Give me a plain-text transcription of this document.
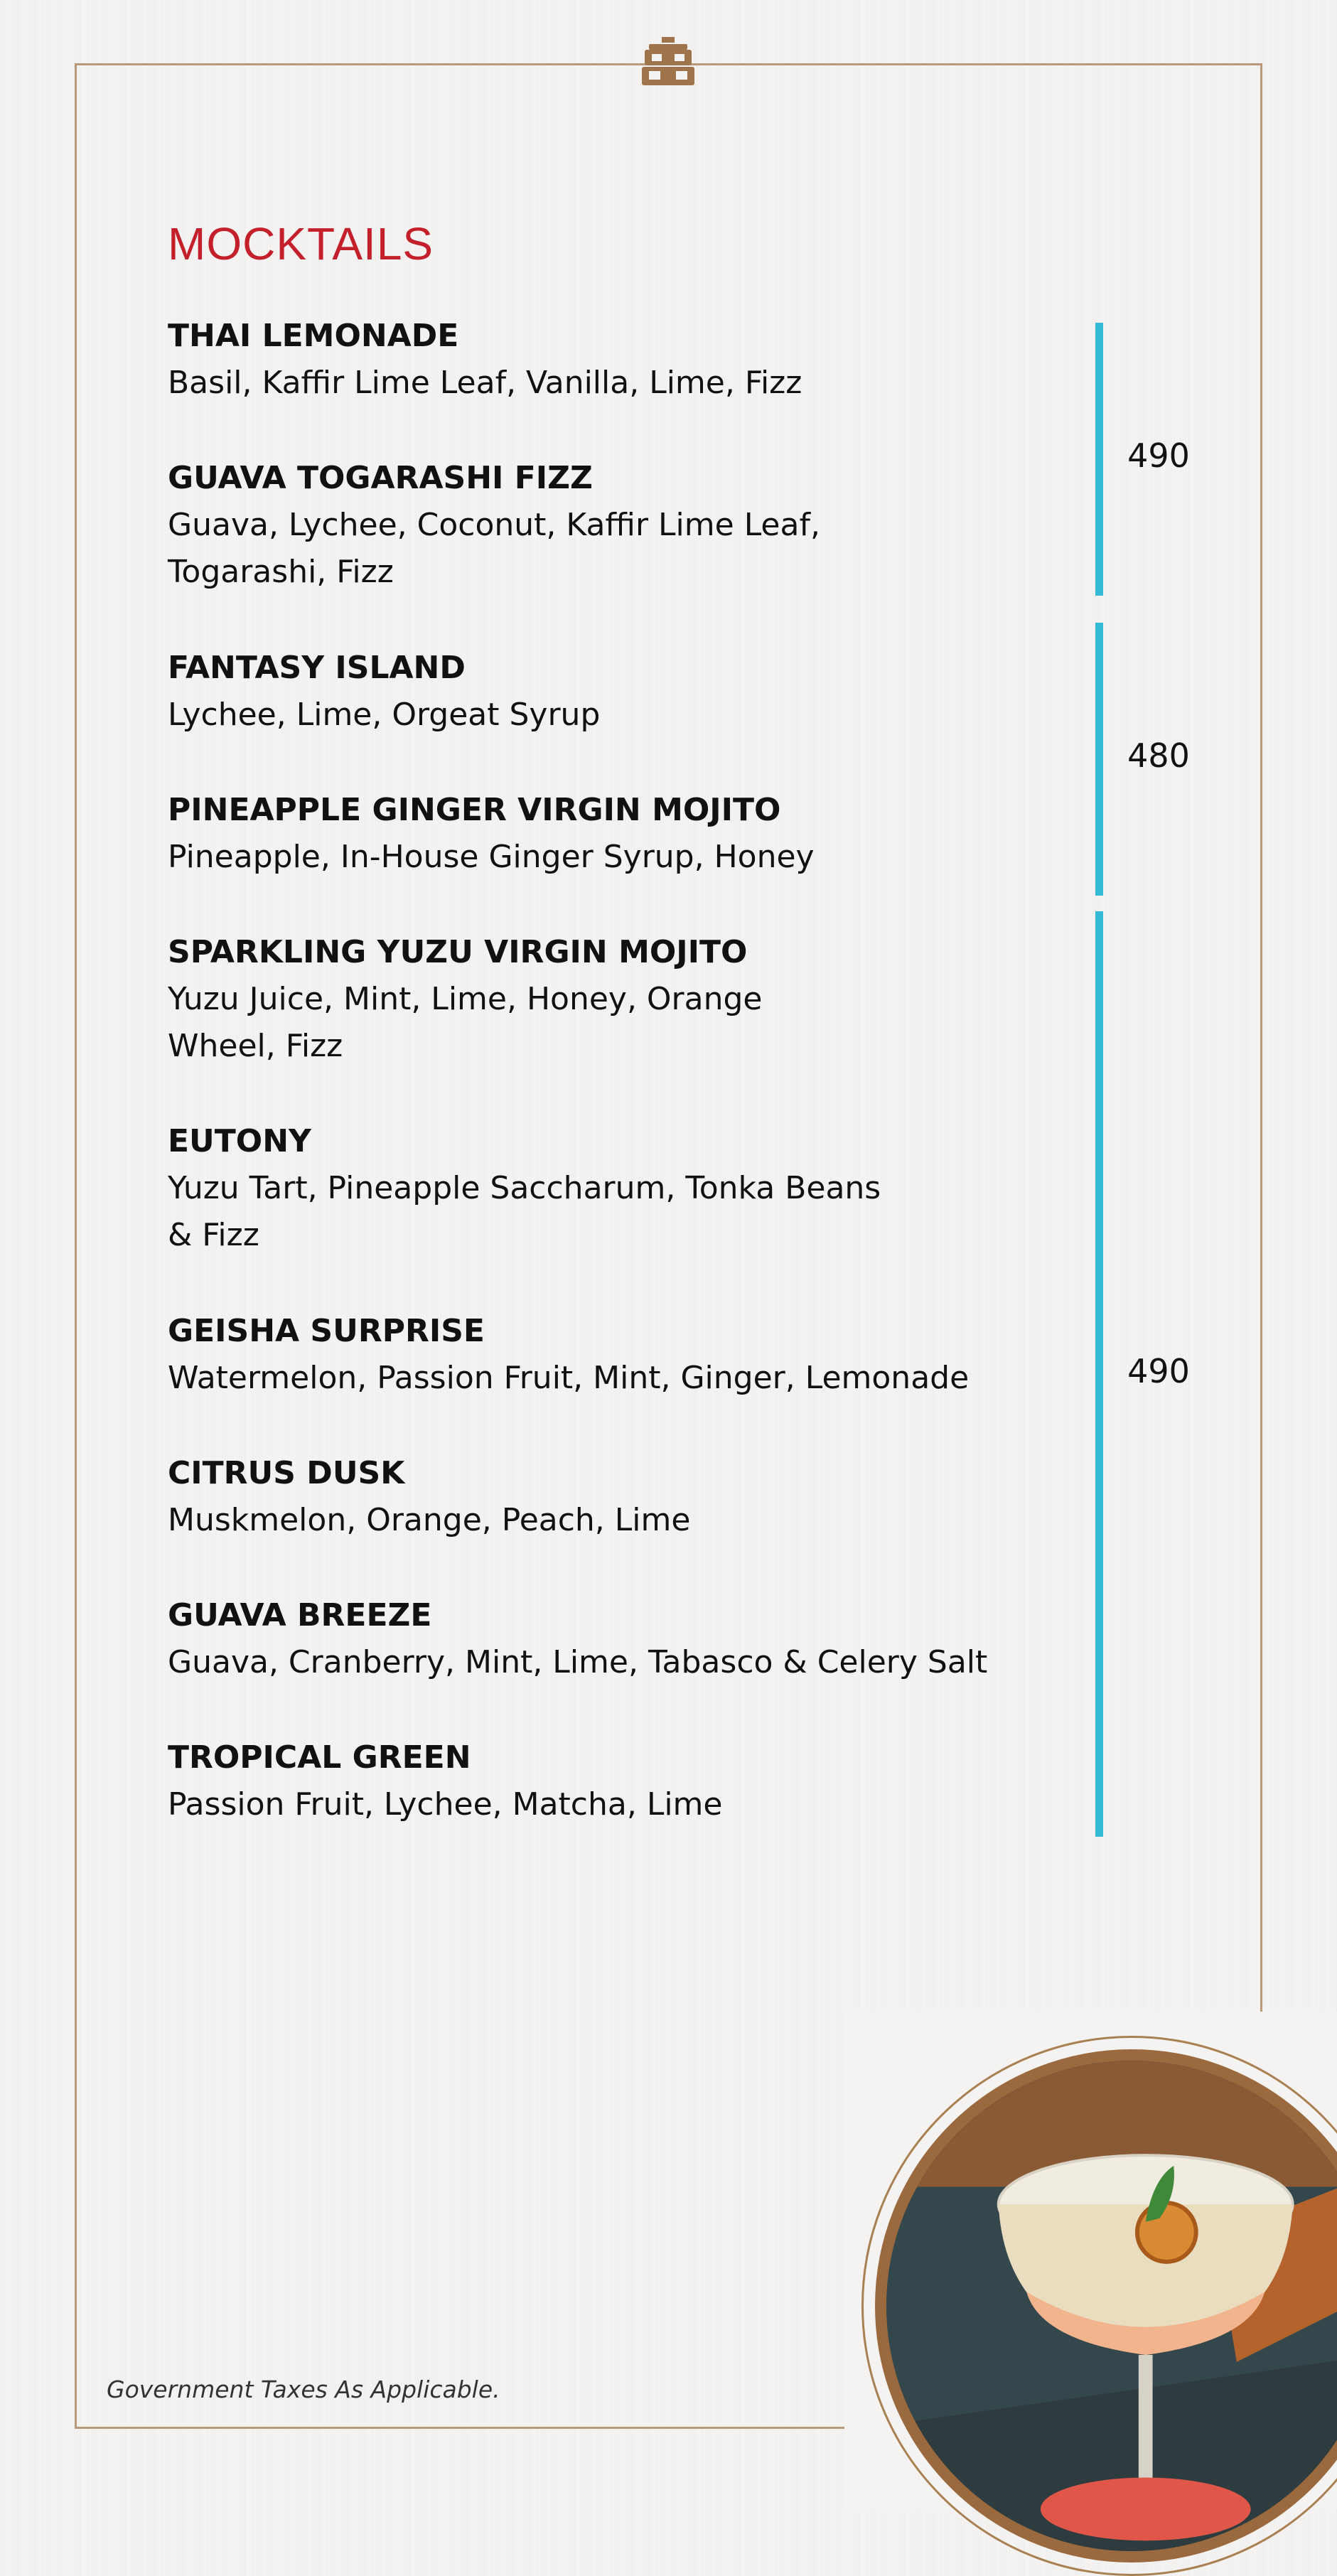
MOCKTAILS
THAI LEMONADE
Basil, Kaffir Lime Leaf, Vanilla, Lime, Fizz
GUAVA TOGARASHI FIZZ
Guava, Lychee, Coconut, Kaffir Lime Leaf,
Togarashi, Fizz
FANTASY ISLAND
Lychee, Lime, Orgeat Syrup
PINEAPPLE GINGER VIRGIN MOJITO
Pineapple, In-House Ginger Syrup, Honey
SPARKLING YUZU VIRGIN MOJITO
Yuzu Juice, Mint, Lime, Honey, Orange
Wheel, Fizz
EUTONY
Yuzu Tart, Pineapple Saccharum, Tonka Beans
& Fizz
GEISHA SURPRISE
Watermelon, Passion Fruit, Mint, Ginger, Lemonade
CITRUS DUSK
Muskmelon, Orange, Peach, Lime
GUAVA BREEZE
Guava, Cranberry, Mint, Lime, Tabasco & Celery Salt
TROPICAL GREEN
Passion Fruit, Lychee, Matcha, Lime
490
480
490
Government Taxes As Applicable.
